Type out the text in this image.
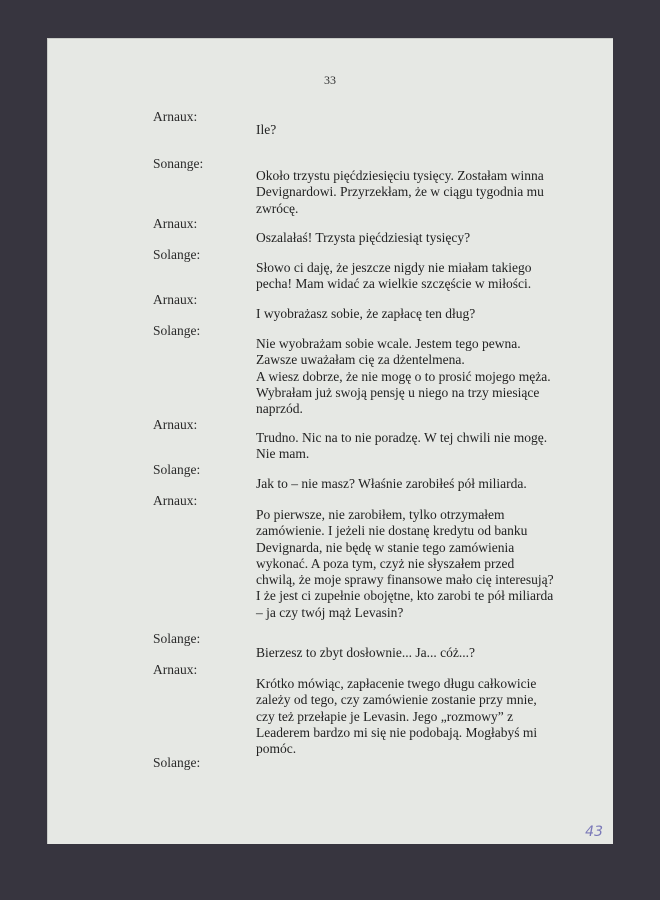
33
Arnaux:
Sonange:
Arnaux:
Solange:
Arnaux:
Solange:
Arnaux:
Solange:
Arnaux:
Solange:
Arnaux:
Solange:
Ile?
Około trzystu pięćdziesięciu tysięcy. Zostałam winna
Devignardowi. Przyrzekłam, że w ciągu tygodnia mu
zwrócę.
Oszalałaś! Trzysta pięćdziesiąt tysięcy?
Słowo ci daję, że jeszcze nigdy nie miałam takiego
pecha! Mam widać za wielkie szczęście w miłości.
I wyobrażasz sobie, że zapłacę ten dług?
Nie wyobrażam sobie wcale. Jestem tego pewna.
Zawsze uważałam cię za dżentelmena.
A wiesz dobrze, że nie mogę o to prosić mojego męża.
Wybrałam już swoją pensję u niego na trzy miesiące
naprzód.
Trudno. Nic na to nie poradzę. W tej chwili nie mogę.
Nie mam.
Jak to – nie masz? Właśnie zarobiłeś pół miliarda.
Po pierwsze, nie zarobiłem, tylko otrzymałem
zamówienie. I jeżeli nie dostanę kredytu od banku
Devignarda, nie będę w stanie tego zamówienia
wykonać. A poza tym, czyż nie słyszałem przed
chwilą, że moje sprawy finansowe mało cię interesują?
I że jest ci zupełnie obojętne, kto zarobi te pół miliarda
– ja czy twój mąż Levasin?
Bierzesz to zbyt dosłownie... Ja... cóż...?
Krótko mówiąc, zapłacenie twego długu całkowicie
zależy od tego, czy zamówienie zostanie przy mnie,
czy też przełapie je Levasin. Jego „rozmowy” z
Leaderem bardzo mi się nie podobają. Mogłabyś mi
pomóc.
43
